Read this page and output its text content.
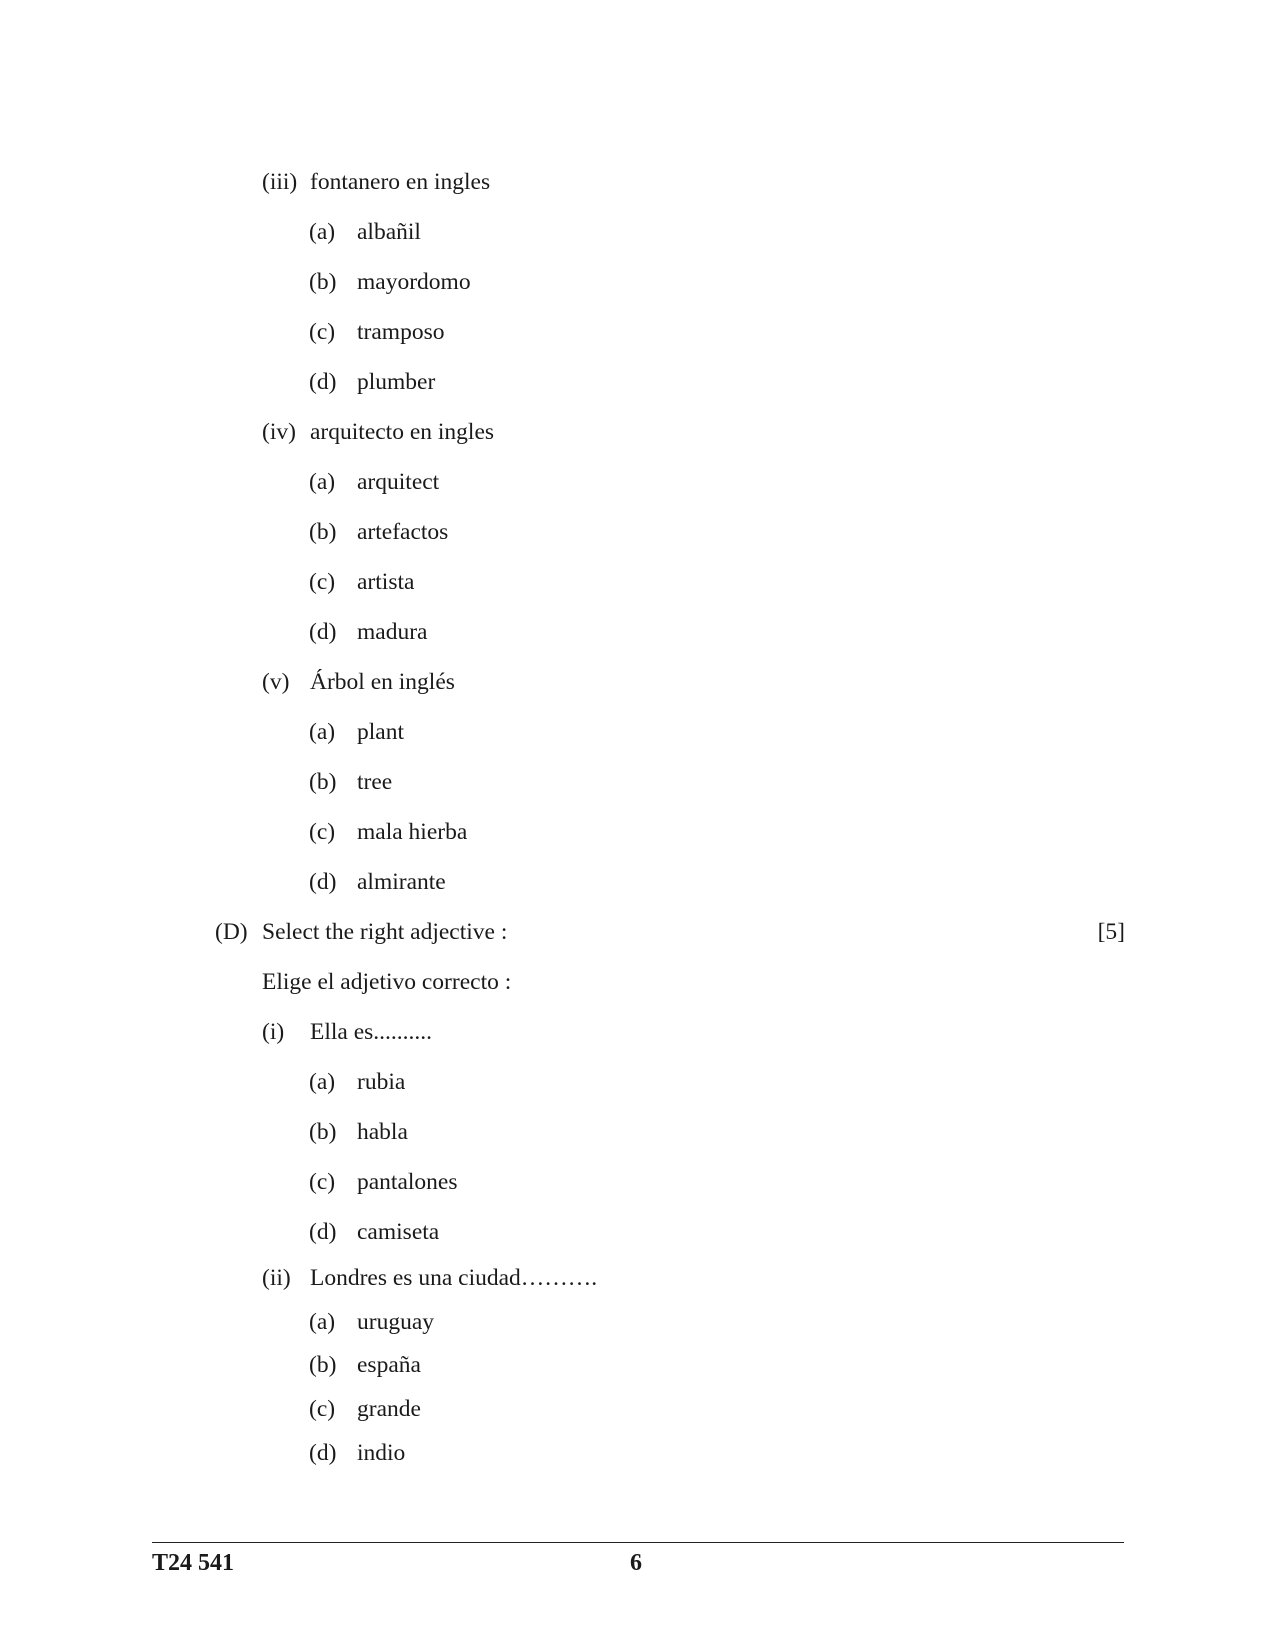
(iii) fontanero en ingles
(a) albañil
(b) mayordomo
(c) tramposo
(d) plumber
(iv) arquitecto en ingles
(a) arquitect
(b) artefactos
(c) artista
(d) madura
(v) Árbol en inglés
(a) plant
(b) tree
(c) mala hierba
(d) almirante
(D) Select the right adjective :	[5]
Elige el adjetivo correcto :
(i) Ella es..........
(a) rubia
(b) habla
(c) pantalones
(d) camiseta
(ii) Londres es una ciudad……….
(a) uruguay
(b) españa
(c) grande
(d) indio
T24 541	6
